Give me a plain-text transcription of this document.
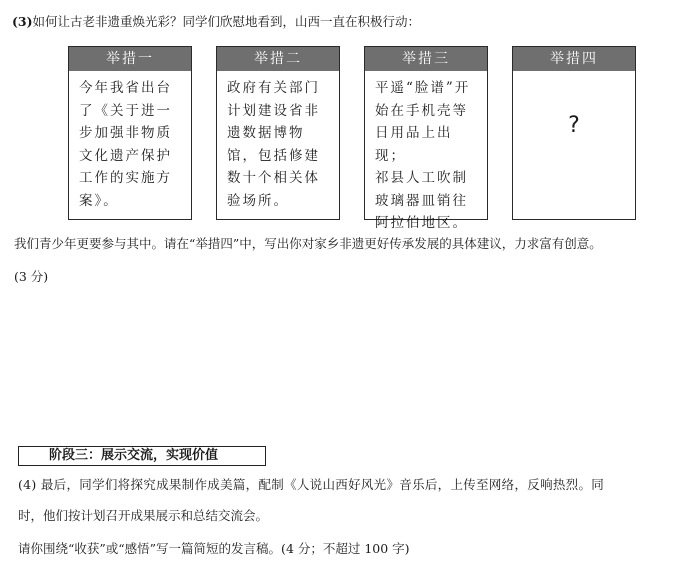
(3)如何让古老非遗重焕光彩？同学们欣慰地看到，山西一直在积极行动：
举措一
今年我省出台
了《关于进一
步加强非物质
文化遗产保护
工作的实施方
案》。
举措二
政府有关部门
计划建设省非
遗数据博物
馆，包括修建
数十个相关体
验场所。
举措三
平遥“脸谱”开
始在手机壳等
日用品上出现；
祁县人工吹制
玻璃器皿销往
阿拉伯地区。
举措四
?
我们青少年更要参与其中。请在“举措四”中，写出你对家乡非遗更好传承发展的具体建议，力求富有创意。
(3 分)
阶段三：展示交流，实现价值
(4) 最后，同学们将探究成果制作成美篇，配制《人说山西好风光》音乐后，上传至网络，反响热烈。同
时，他们按计划召开成果展示和总结交流会。
请你围绕“收获”或“感悟”写一篇简短的发言稿。(4 分；不超过 100 字)
